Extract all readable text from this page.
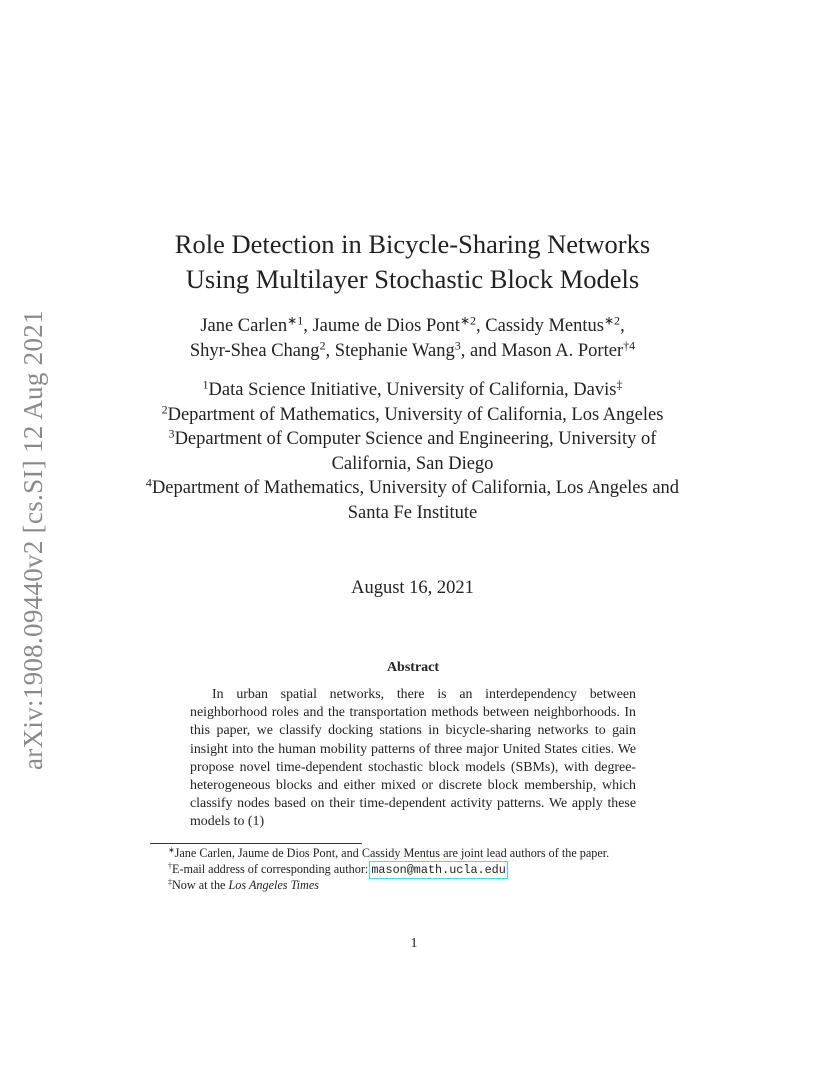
arXiv:1908.09440v2 [cs.SI] 12 Aug 2021
Role Detection in Bicycle-Sharing Networks
Using Multilayer Stochastic Block Models
Jane Carlen$^{∗1}$, Jaume de Dios Pont$^{∗2}$, Cassidy Mentus$^{∗2}$,
Shyr-Shea Chang$^2$, Stephanie Wang$^3$, and Mason A. Porter$^{\dagger 4}$
$^1$Data Science Initiative, University of California, Davis‡
$^2$Department of Mathematics, University of California, Los Angeles
$^3$Department of Computer Science and Engineering, University of California, San Diego
$^4$Department of Mathematics, University of California, Los Angeles and Santa Fe Institute
August 16, 2021
Abstract

In urban spatial networks, there is an interdependency between neighborhood roles and the transportation methods between neighborhoods. In this paper, we classify docking stations in bicycle-sharing networks to gain insight into the human mobility patterns of three major United States cities. We propose novel time-dependent stochastic block models (SBMs), with degree-heterogeneous blocks and either mixed or discrete block membership, which classify nodes based on their time-dependent activity patterns. We apply these models to (1)

∗Jane Carlen, Jaume de Dios Pont, and Cassidy Mentus are joint lead authors of the paper.
†E-mail address of corresponding author: mason@math.ucla.edu
‡Now at the Los Angeles Times
1
